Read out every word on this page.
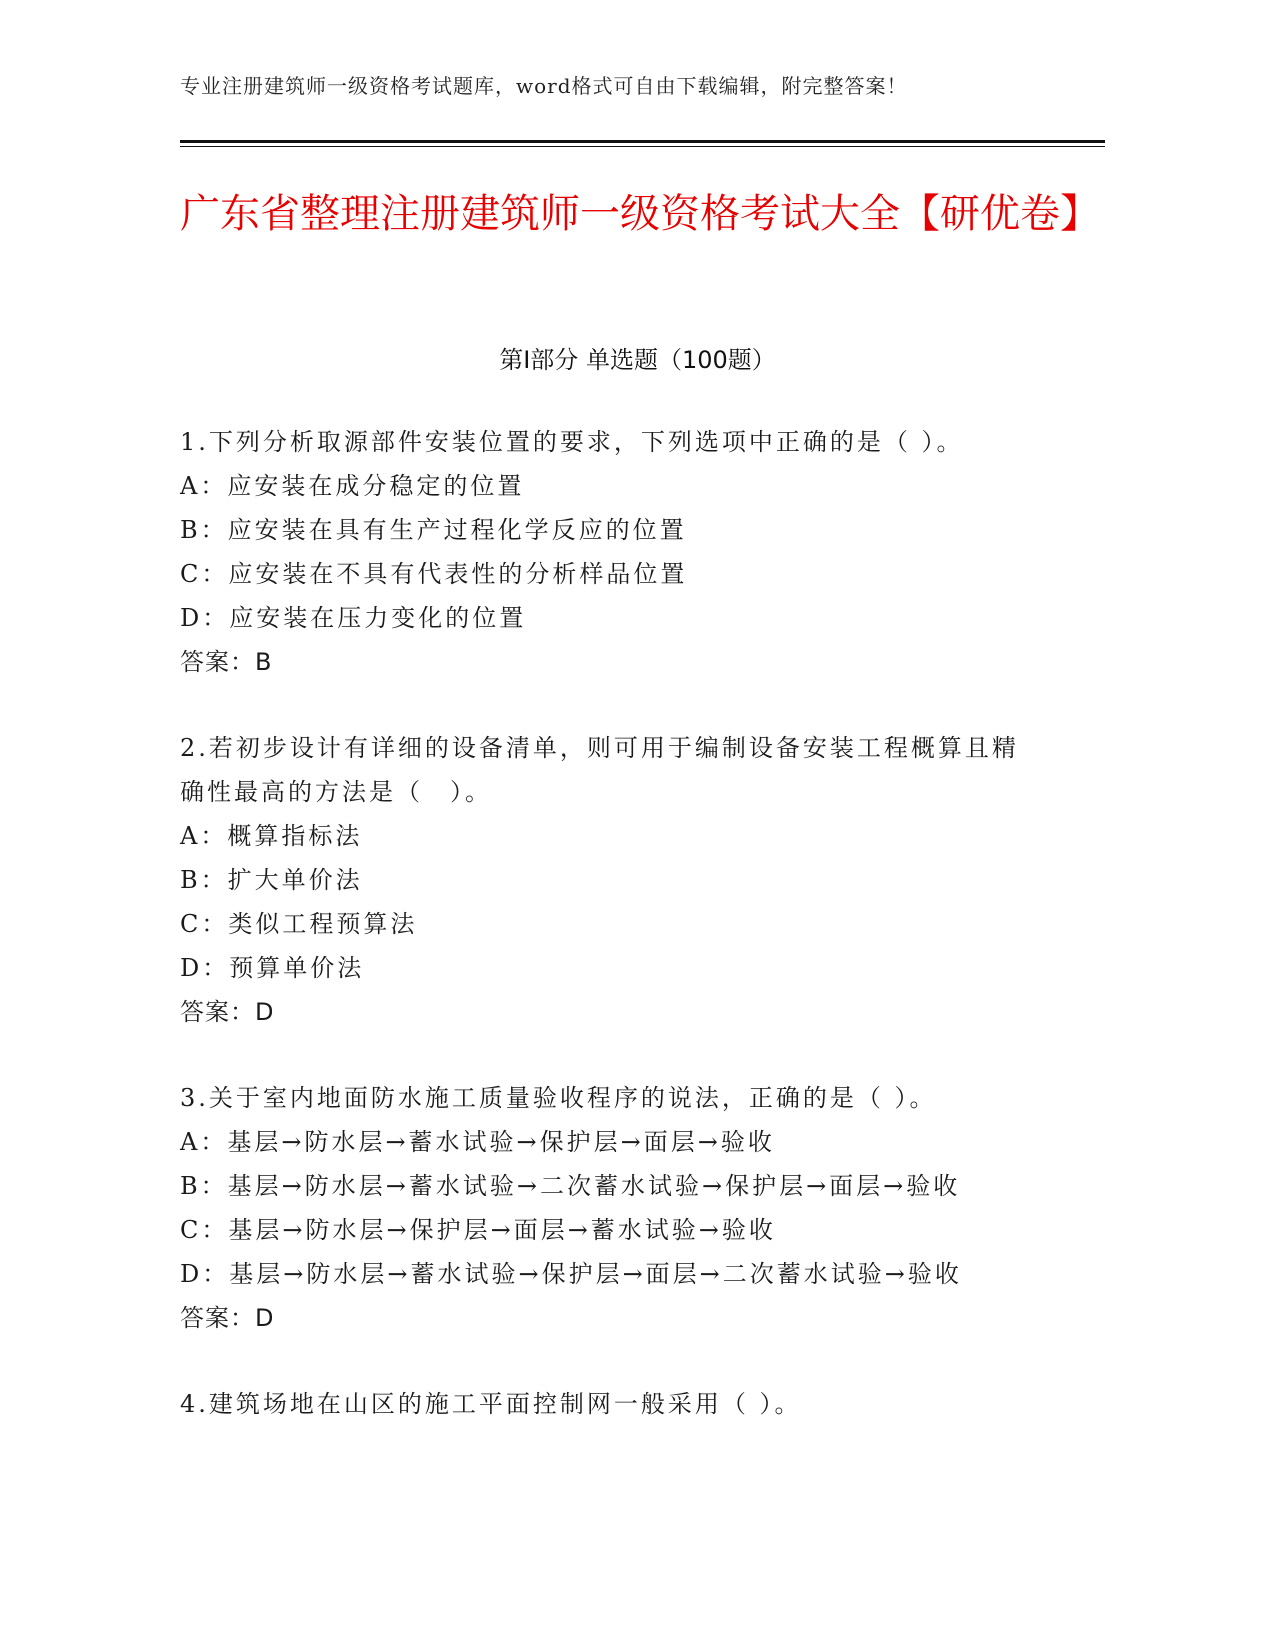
专业注册建筑师一级资格考试题库，word格式可自由下载编辑，附完整答案！
广东省整理注册建筑师一级资格考试大全【研优卷】
第Ⅰ部分 单选题（100题）
1.下列分析取源部件安装位置的要求，下列选项中正确的是（ ）。
A：应安装在成分稳定的位置
B：应安装在具有生产过程化学反应的位置
C：应安装在不具有代表性的分析样品位置
D：应安装在压力变化的位置
答案：B
2.若初步设计有详细的设备清单，则可用于编制设备安装工程概算且精确性最高的方法是（　）。
A：概算指标法
B：扩大单价法
C：类似工程预算法
D：预算单价法
答案：D
3.关于室内地面防水施工质量验收程序的说法，正确的是（ ）。
A：基层→防水层→蓄水试验→保护层→面层→验收
B：基层→防水层→蓄水试验→二次蓄水试验→保护层→面层→验收
C：基层→防水层→保护层→面层→蓄水试验→验收
D：基层→防水层→蓄水试验→保护层→面层→二次蓄水试验→验收
答案：D
4.建筑场地在山区的施工平面控制网一般采用（ ）。
